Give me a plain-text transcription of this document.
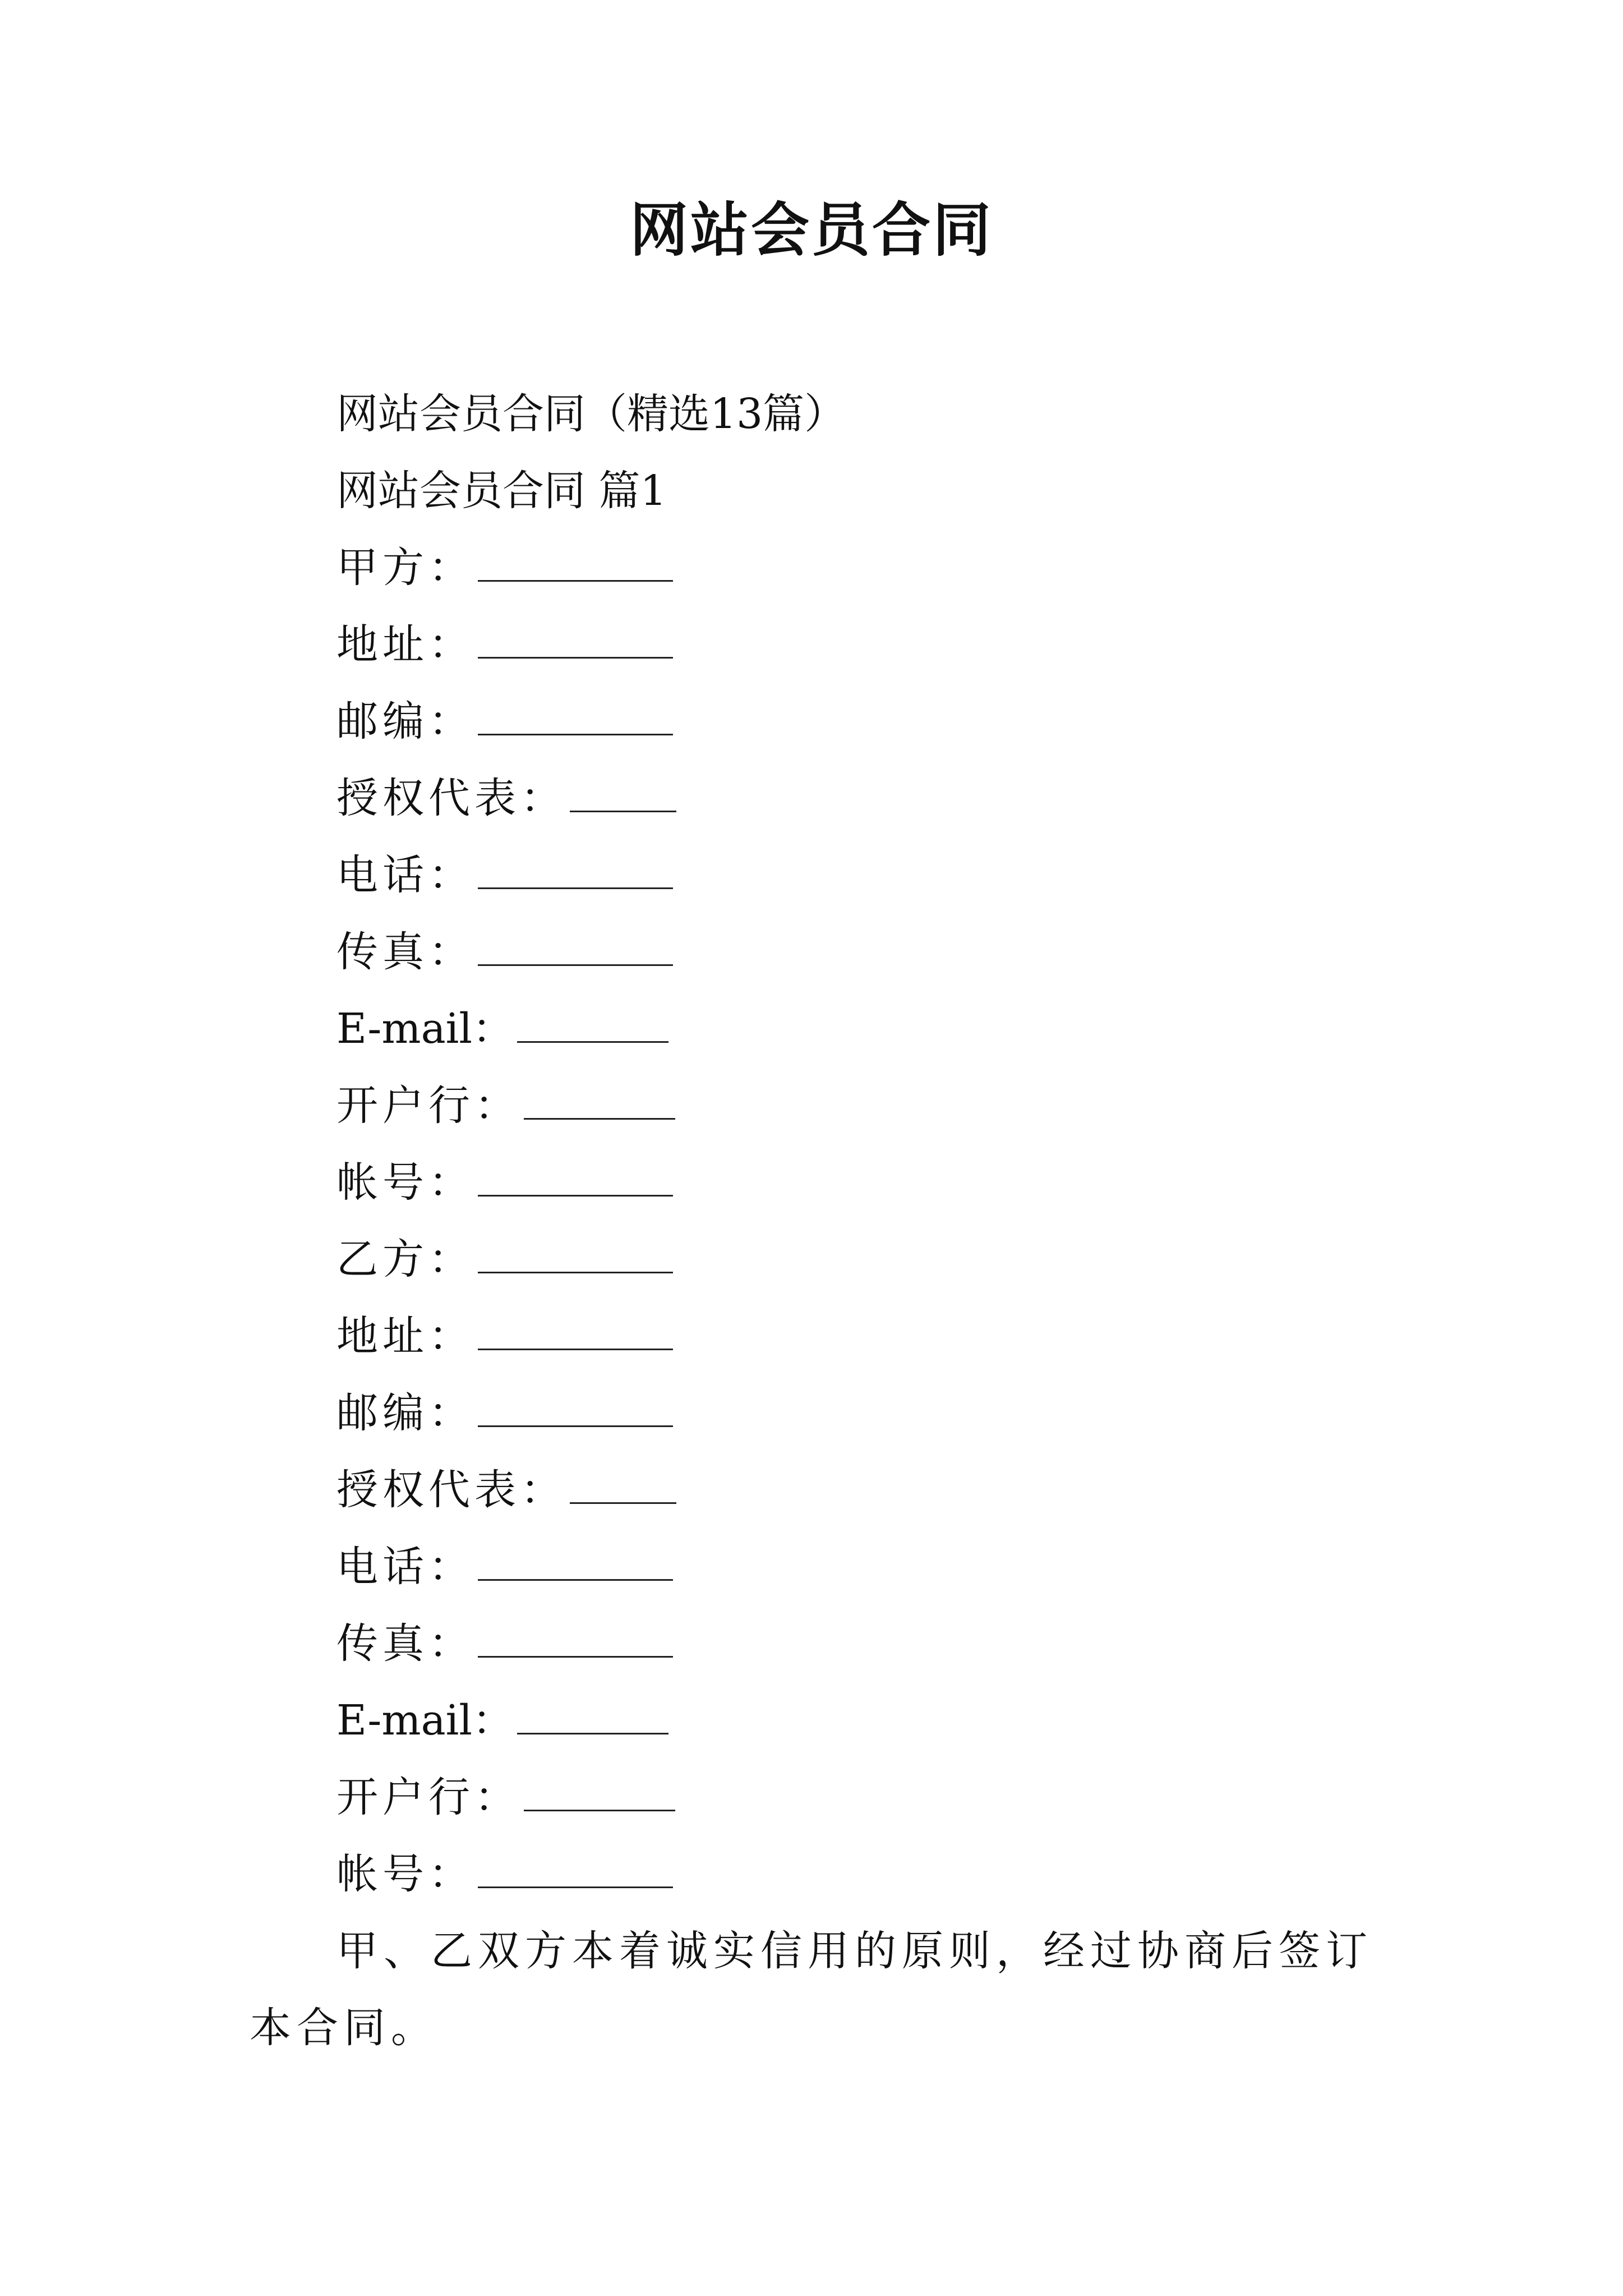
网站会员合同
网站会员合同（精选13篇）
网站会员合同 篇1
甲方：
地址：
邮编：
授权代表：
电话：
传真：
E-mail：
开户行：
帐号：
乙方：
地址：
邮编：
授权代表：
电话：
传真：
E-mail：
开户行：
帐号：
甲、乙双方本着诚实信用的原则，经过协商后签订本合同。
